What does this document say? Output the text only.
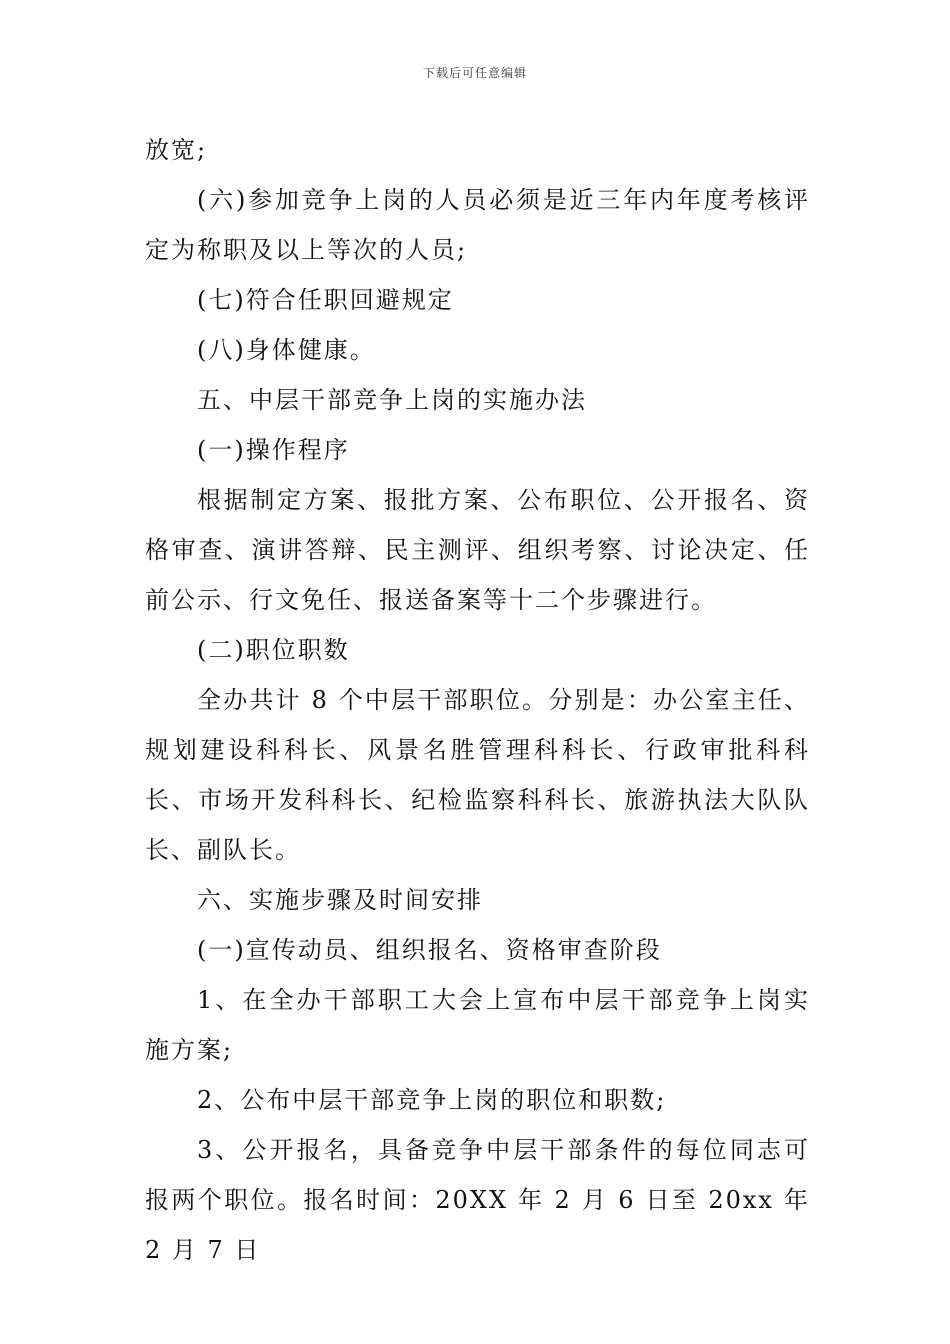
下载后可任意编辑

放宽;

(六)参加竞争上岗的人员必须是近三年内年度考核评定为称职及以上等次的人员;

(七)符合任职回避规定

(八)身体健康。

五、中层干部竞争上岗的实施办法

(一)操作程序

根据制定方案、报批方案、公布职位、公开报名、资格审查、演讲答辩、民主测评、组织考察、讨论决定、任前公示、行文免任、报送备案等十二个步骤进行。

(二)职位职数

全办共计 8 个中层干部职位。分别是：办公室主任、规划建设科科长、风景名胜管理科科长、行政审批科科长、市场开发科科长、纪检监察科科长、旅游执法大队队长、副队长。

六、实施步骤及时间安排

(一)宣传动员、组织报名、资格审查阶段

1、在全办干部职工大会上宣布中层干部竞争上岗实施方案;

2、公布中层干部竞争上岗的职位和职数;

3、公开报名，具备竞争中层干部条件的每位同志可报两个职位。报名时间：20XX 年 2 月 6 日至 20xx 年 2 月 7 日
